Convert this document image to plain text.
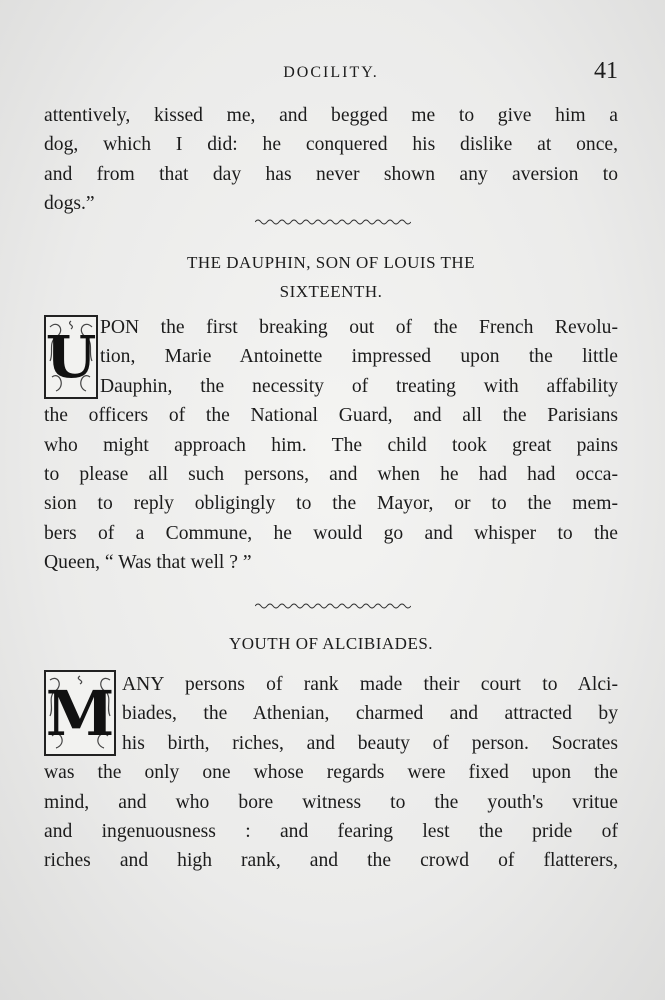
DOCILITY.	41
attentively, kissed me, and begged me to give him a
dog, which I did: he conquered his dislike at once,
and from that day has never shown any aversion to
dogs.”
THE DAUPHIN, SON OF LOUIS THE
SIXTEENTH.
U PON the first breaking out of the French Revolu-
tion, Marie Antoinette impressed upon the little
Dauphin, the necessity of treating with affability
the officers of the National Guard, and all the Parisians
who might approach him. The child took great pains
to please all such persons, and when he had had occa-
sion to reply obligingly to the Mayor, or to the mem-
bers of a Commune, he would go and whisper to the
Queen, “ Was that well ? ”
YOUTH OF ALCIBIADES.
M ANY persons of rank made their court to Alci-
biades, the Athenian, charmed and attracted by
his birth, riches, and beauty of person. Socrates
was the only one whose regards were fixed upon the
mind, and who bore witness to the youth's vritue
and ingenuousness : and fearing lest the pride of
riches and high rank, and the crowd of flatterers,
